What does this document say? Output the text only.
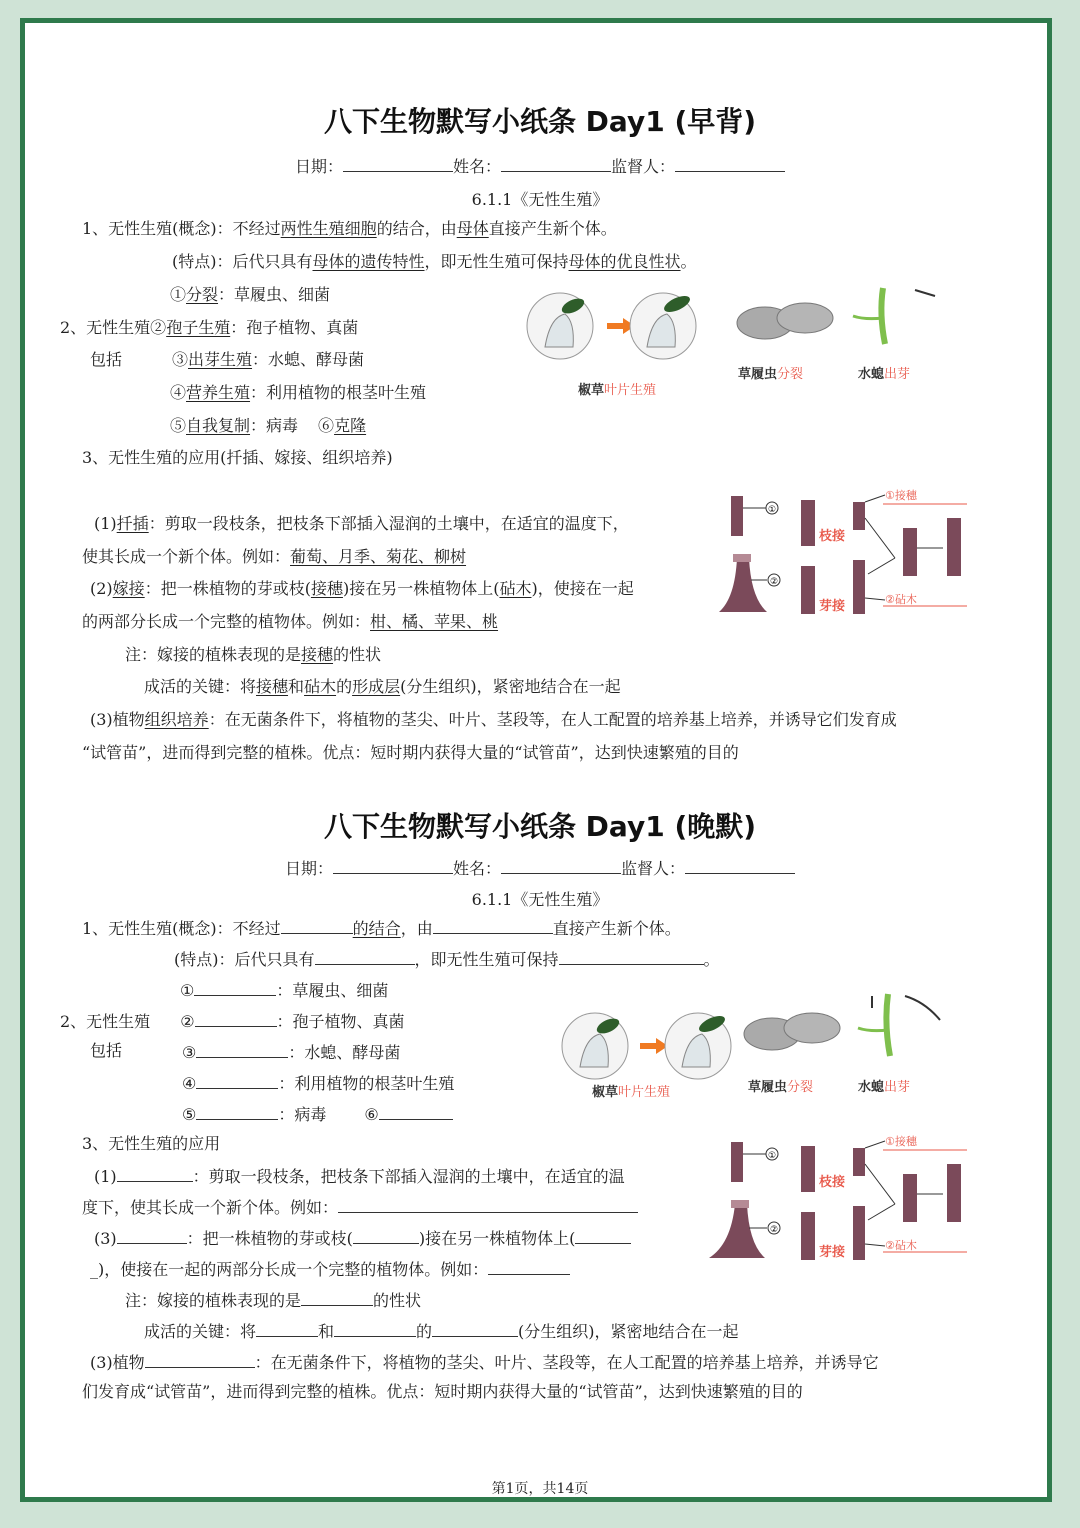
八下生物默写小纸条 Day1 (早背)
日期：	姓名：	监督人：
6.1.1《无性生殖》
1、无性生殖(概念)：不经过两性生殖细胞的结合，由母体直接产生新个体。
(特点)：后代只具有母体的遗传特性，即无性生殖可保持母体的优良性状。
①分裂：草履虫、细菌
2、无性生殖②孢子生殖：孢子植物、真菌
包括	③出芽生殖：水螅、酵母菌
④营养生殖：利用植物的根茎叶生殖
⑤自我复制：病毒 ⑥克隆
3、无性生殖的应用(扦插、嫁接、组织培养)
(1)扦插：剪取一段枝条，把枝条下部插入湿润的土壤中，在适宜的温度下，
使其长成一个新个体。例如：葡萄、月季、菊花、柳树
(2)嫁接：把一株植物的芽或枝(接穗)接在另一株植物体上(砧木)，使接在一起
的两部分长成一个完整的植物体。例如：柑、橘、苹果、桃
注：嫁接的植株表现的是接穗的性状
成活的关键：将接穗和砧木的形成层(分生组织)，紧密地结合在一起
(3)植物组织培养：在无菌条件下，将植物的茎尖、叶片、茎段等，在人工配置的培养基上培养，并诱导它们发育成
“试管苗”，进而得到完整的植株。优点：短时期内获得大量的“试管苗”，达到快速繁殖的目的
椒草叶片生殖
草履虫分裂	水螅出芽
①
②
枝接
芽接
①接穗
②砧木
八下生物默写小纸条 Day1 (晚默)
日期：	姓名：	监督人：
6.1.1《无性生殖》
1、无性生殖(概念)：不经过	的结合，由	直接产生新个体。
(特点)：后代只具有	，即无性生殖可保持	。
①	：草履虫、细菌
2、无性生殖 ②	：孢子植物、真菌
包括	③	：水螅、酵母菌
④	：利用植物的根茎叶生殖
⑤	：病毒 ⑥
3、无性生殖的应用
(1)	：剪取一段枝条，把枝条下部插入湿润的土壤中，在适宜的温
度下，使其长成一个新个体。例如：
(3)	：把一株植物的芽或枝(	)接在另一株植物体上(
_)，使接在一起的两部分长成一个完整的植物体。例如：
注：嫁接的植株表现的是	的性状
成活的关键：将	和	的	(分生组织)，紧密地结合在一起
(3)植物	：在无菌条件下，将植物的茎尖、叶片、茎段等，在人工配置的培养基上培养，并诱导它
们发育成“试管苗”，进而得到完整的植株。优点：短时期内获得大量的“试管苗”，达到快速繁殖的目的
椒草叶片生殖	草履虫分裂	水螅出芽
①
②
枝接
芽接
①接穗
②砧木
第1页，共14页
